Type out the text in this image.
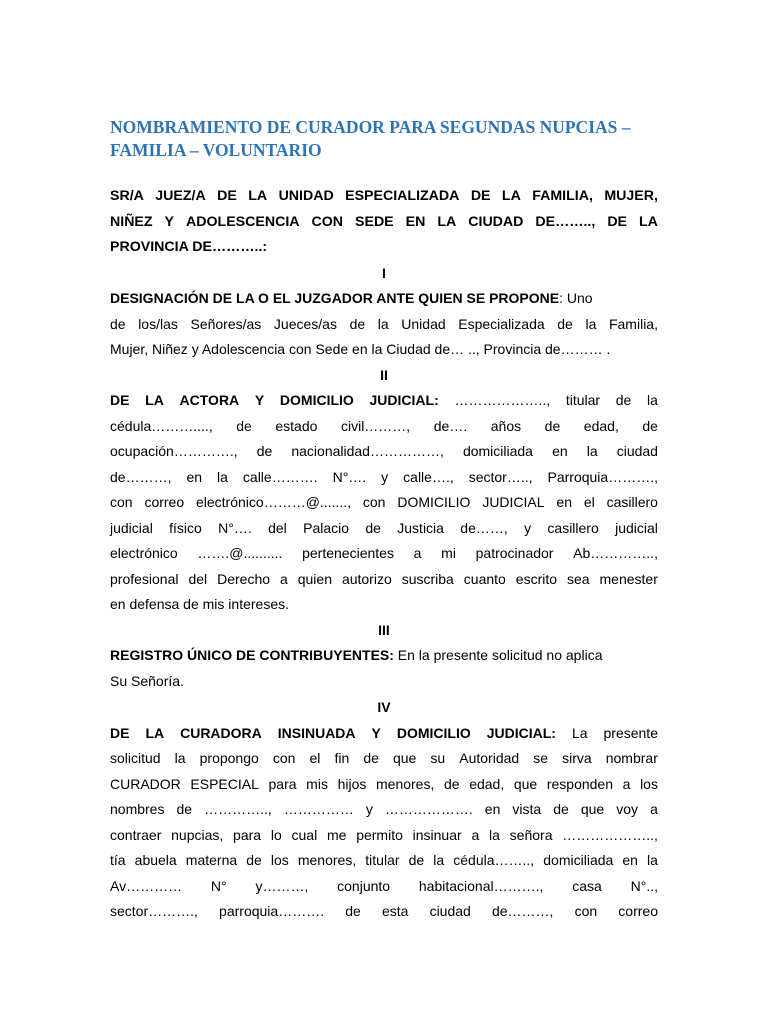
NOMBRAMIENTO DE CURADOR PARA SEGUNDAS NUPCIAS –
FAMILIA – VOLUNTARIO
SR/A JUEZ/A DE LA UNIDAD ESPECIALIZADA DE LA FAMILIA, MUJER,
NIÑEZ Y ADOLESCENCIA CON SEDE EN LA CIUDAD DE…….., DE LA
PROVINCIA DE………..:
I
DESIGNACIÓN DE LA O EL JUZGADOR ANTE QUIEN SE PROPONE : Uno
de los/las Señores/as Jueces/as de la Unidad Especializada de la Familia,
Mujer, Niñez y Adolescencia con Sede en la Ciudad de… .., Provincia de……… .
II
DE LA ACTORA Y DOMICILIO JUDICIAL: ……………….., titular de la
cédula………...., de estado civil………, de…. años de edad, de
ocupación…………., de nacionalidad……………, domiciliada en la ciudad
de………, en la calle………. N°…. y calle…., sector….., Parroquia……….,
con correo electrónico………@......., con DOMICILIO JUDICIAL en el casillero
judicial físico N°…. del Palacio de Justicia de……, y casillero judicial
electrónico …….@.......... pertenecientes a mi patrocinador Ab…………..,
profesional del Derecho a quien autorizo suscriba cuanto escrito sea menester
en defensa de mis intereses.
III
REGISTRO ÚNICO DE CONTRIBUYENTES: En la presente solicitud no aplica
Su Señoría.
IV
DE LA CURADORA INSINUADA Y DOMICILIO JUDICIAL: La presente
solicitud la propongo con el fin de que su Autoridad se sirva nombrar
CURADOR ESPECIAL para mis hijos menores, de edad, que responden a los
nombres de ………….., …………… y ………………. en vista de que voy a
contraer nupcias, para lo cual me permito insinuar a la señora ………………..,
tía abuela materna de los menores, titular de la cédula…….., domiciliada en la
Av………… N° y………, conjunto habitacional………., casa N°..,
sector………., parroquia………. de esta ciudad de………, con correo
